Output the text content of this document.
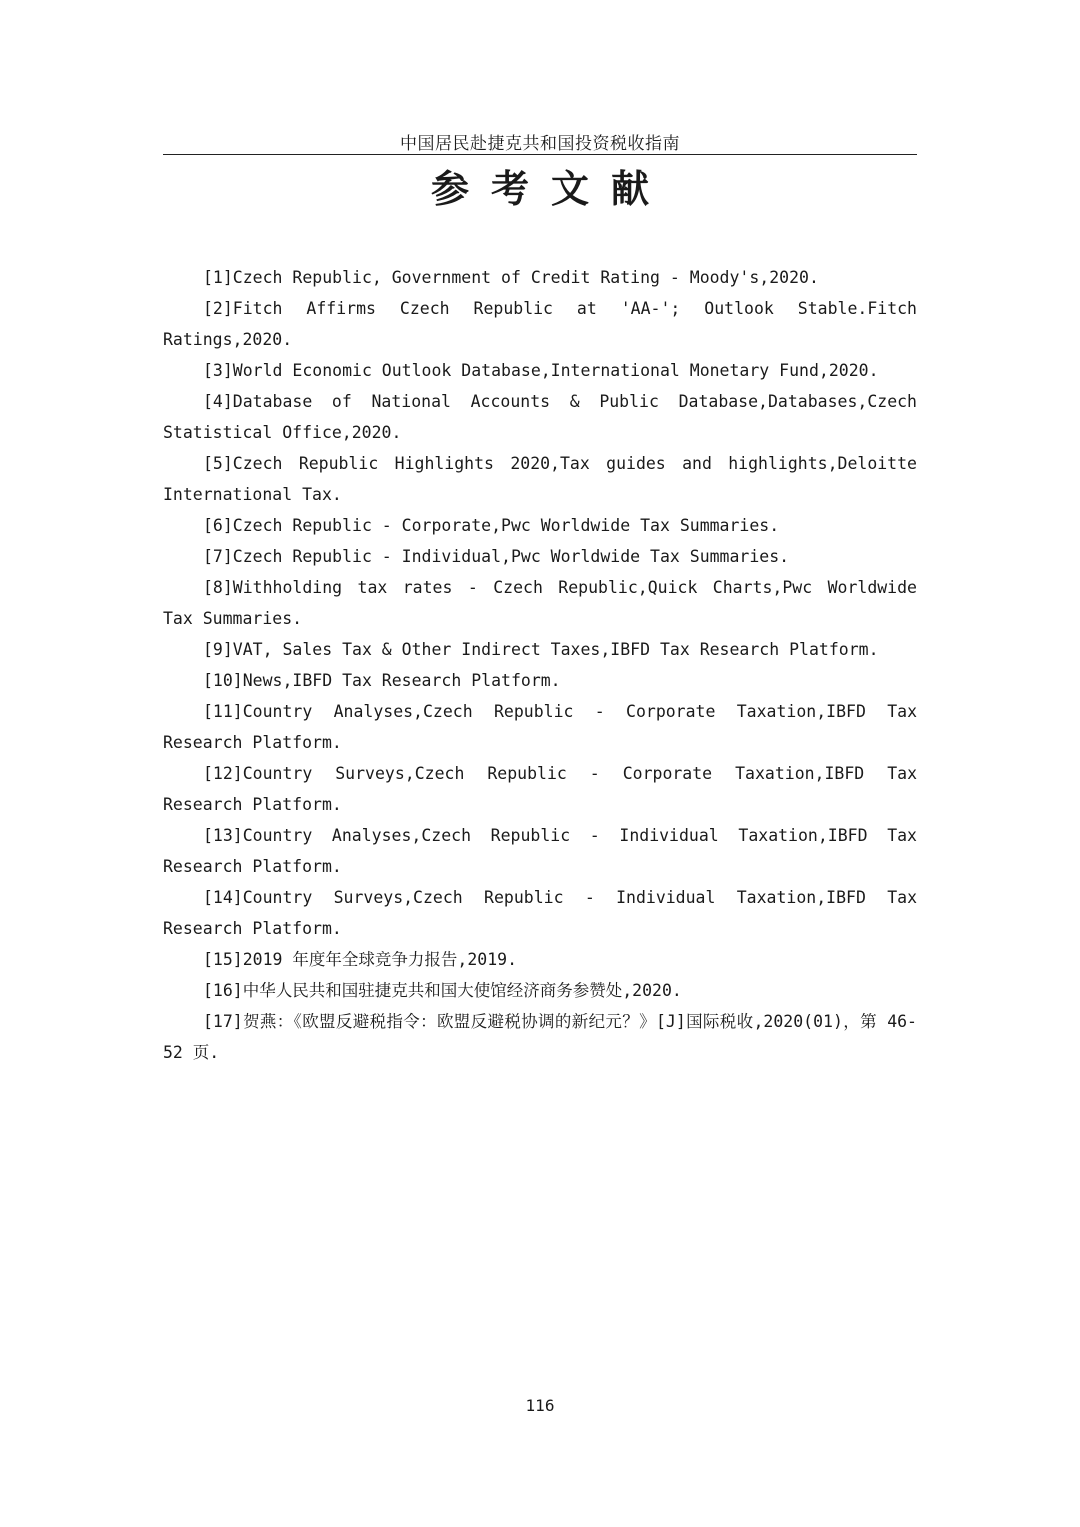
中国居民赴捷克共和国投资税收指南
参考文献

[1]Czech Republic, Government of Credit Rating - Moody's,2020.

[2]Fitch Affirms Czech Republic at 'AA-'; Outlook Stable.Fitch Ratings,2020.

[3]World Economic Outlook Database,International Monetary Fund,2020.

[4]Database of National Accounts & Public Database,Databases,Czech Statistical Office,2020.

[5]Czech Republic Highlights 2020,Tax guides and highlights,Deloitte International Tax.

[6]Czech Republic - Corporate,Pwc Worldwide Tax Summaries.

[7]Czech Republic - Individual,Pwc Worldwide Tax Summaries.

[8]Withholding tax rates - Czech Republic,Quick Charts,Pwc Worldwide Tax Summaries.

[9]VAT, Sales Tax & Other Indirect Taxes,IBFD Tax Research Platform.

[10]News,IBFD Tax Research Platform.

[11]Country Analyses,Czech Republic - Corporate Taxation,IBFD Tax Research Platform.

[12]Country Surveys,Czech Republic - Corporate Taxation,IBFD Tax Research Platform.

[13]Country Analyses,Czech Republic - Individual Taxation,IBFD Tax Research Platform.

[14]Country Surveys,Czech Republic - Individual Taxation,IBFD Tax Research Platform.

[15]2019 年度年全球竞争力报告,2019.

[16]中华人民共和国驻捷克共和国大使馆经济商务参赞处,2020.

[17]贺燕：《欧盟反避税指令：欧盟反避税协调的新纪元？》[J]国际税收,2020(01)，第 46-52 页.

116
